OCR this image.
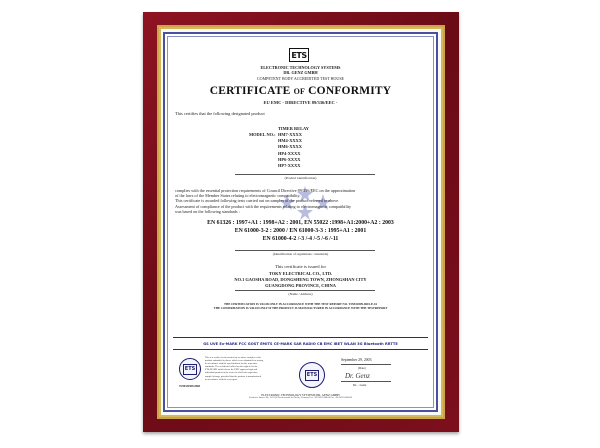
ETS
ELECTRONIC TECHNOLOGY SYSTEMS
DR. GENZ GMBH
COMPETENT BODY ACCREDITED TEST HOUSE
CERTIFICATE of CONFORMITY
EU EMC - DIRECTIVE 89/336/EEC -
This certifies that the following designated product
TIMER RELAY
MODEL NO.: HM7-XXXX
HM4-XXXX
HM6-XXXX
HP4-XXXX
HP6-XXXX
HP7-XXXX
(Product identification)
complies with the essential protection requirements of Council Directive 89/336/EEC on the approximation
of the laws of the Member States relating to electromagnetic compatibility.
This certificate is awarded following tests carried out on samples of the product referred to above.
Assessment of compliance of the product with the requirements relating to electromagnetic compatibility
was based on the following standards :
EN 61326 : 1997+A1 : 1998+A2 : 2001, EN 55022 :1998+A1:2000+A2 : 2003
EN 61000-3-2 : 2000 / EN 61000-3-3 : 1995+A1 : 2001
EN 61000-4-2 /-3 /-4 /-5 /-6 /-11
(Identification of regulations / standards)
This certificate is issued for
TOKY ELECTRICAL CO., LTD.
NO.1 GAOSHA ROAD, DONGSHENG TOWN, ZHONGSHAN CITY
GUANGDONG PROVINCE, CHINA
(Name / Address)
THE CERTIFICATION IS VALID ONLY IN ACCORDANCE WITH THE TEST REPORT NO. T25E20309-0601-E-16
THE CONFIRMATION IS VALID ONLY IF THE PRODUCT IS MANUFACTURED IN ACCORDANCE WITH THE TESTREPORT
GS UVE Ex-MARK FCC GOST EMITS CE-MARK SAR RADIO CB EMC IBET WLAN 3G Bluetooth RRTTE
ETS
This is a result of tests carried out on above samples of the
product submitted to above which were submitted for testing
in accordance with the specifications for the respective
standards. The certificate holder has the right to fix the
ETS-MARK which shows the EMC approval sign and
individual product in the series to which the inspection
sample belongs, provided that the product is manufactured
in accordance with the test report.
ETS
September 29, 2003
(Date)
Dr. Genz
Dr. - Genz
T25E20309-0601
ELECTRONIC TECHNOLOGY SYSTEMS DR. GENZ GMBH
Storkower Strasse 38c, D-15526 Reichenwalde bei Berlin, Germany Fon +49-33631-888-00 Fax +49-33631-888-660
